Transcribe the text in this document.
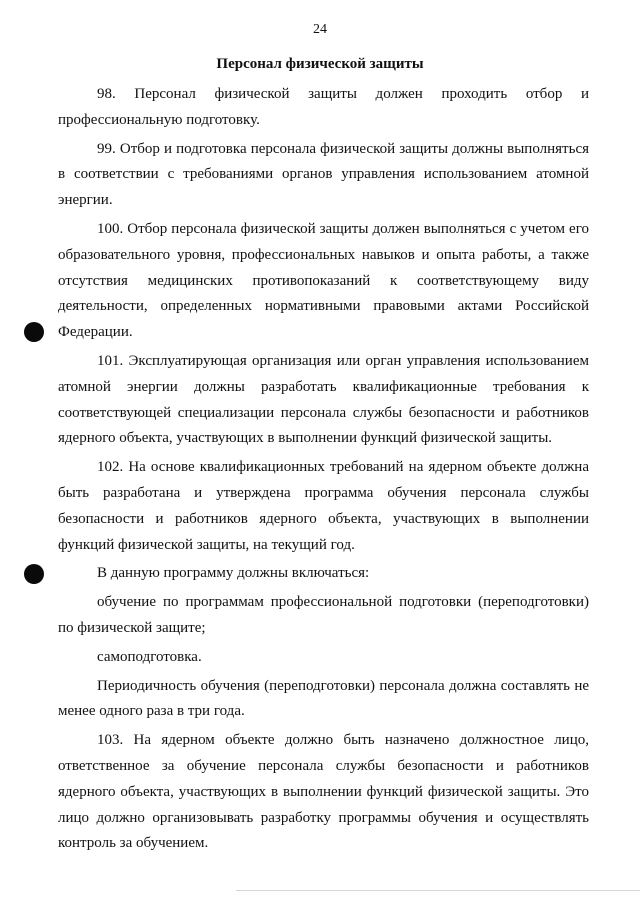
24
Персонал физической защиты

98. Персонал физической защиты должен проходить отбор и профессиональную подготовку.

99. Отбор и подготовка персонала физической защиты должны выполняться в соответствии с требованиями органов управления использованием атомной энергии.

100. Отбор персонала физической защиты должен выполняться с учетом его образовательного уровня, профессиональных навыков и опыта работы, а также отсутствия медицинских противопоказаний к соответствующему виду деятельности, определенных нормативными правовыми актами Российской Федерации.

101. Эксплуатирующая организация или орган управления использованием атомной энергии должны разработать квалификационные требования к соответствующей специализации персонала службы безопасности и работников ядерного объекта, участвующих в выполнении функций физической защиты.

102. На основе квалификационных требований на ядерном объекте должна быть разработана и утверждена программа обучения персонала службы безопасности и работников ядерного объекта, участвующих в выполнении функций физической защиты, на текущий год.

В данную программу должны включаться:

обучение по программам профессиональной подготовки (переподготовки) по физической защите;

самоподготовка.

Периодичность обучения (переподготовки) персонала должна составлять не менее одного раза в три года.

103. На ядерном объекте должно быть назначено должностное лицо, ответственное за обучение персонала службы безопасности и работников ядерного объекта, участвующих в выполнении функций физической защиты. Это лицо должно организовывать разработку программы обучения и осуществлять контроль за обучением.
